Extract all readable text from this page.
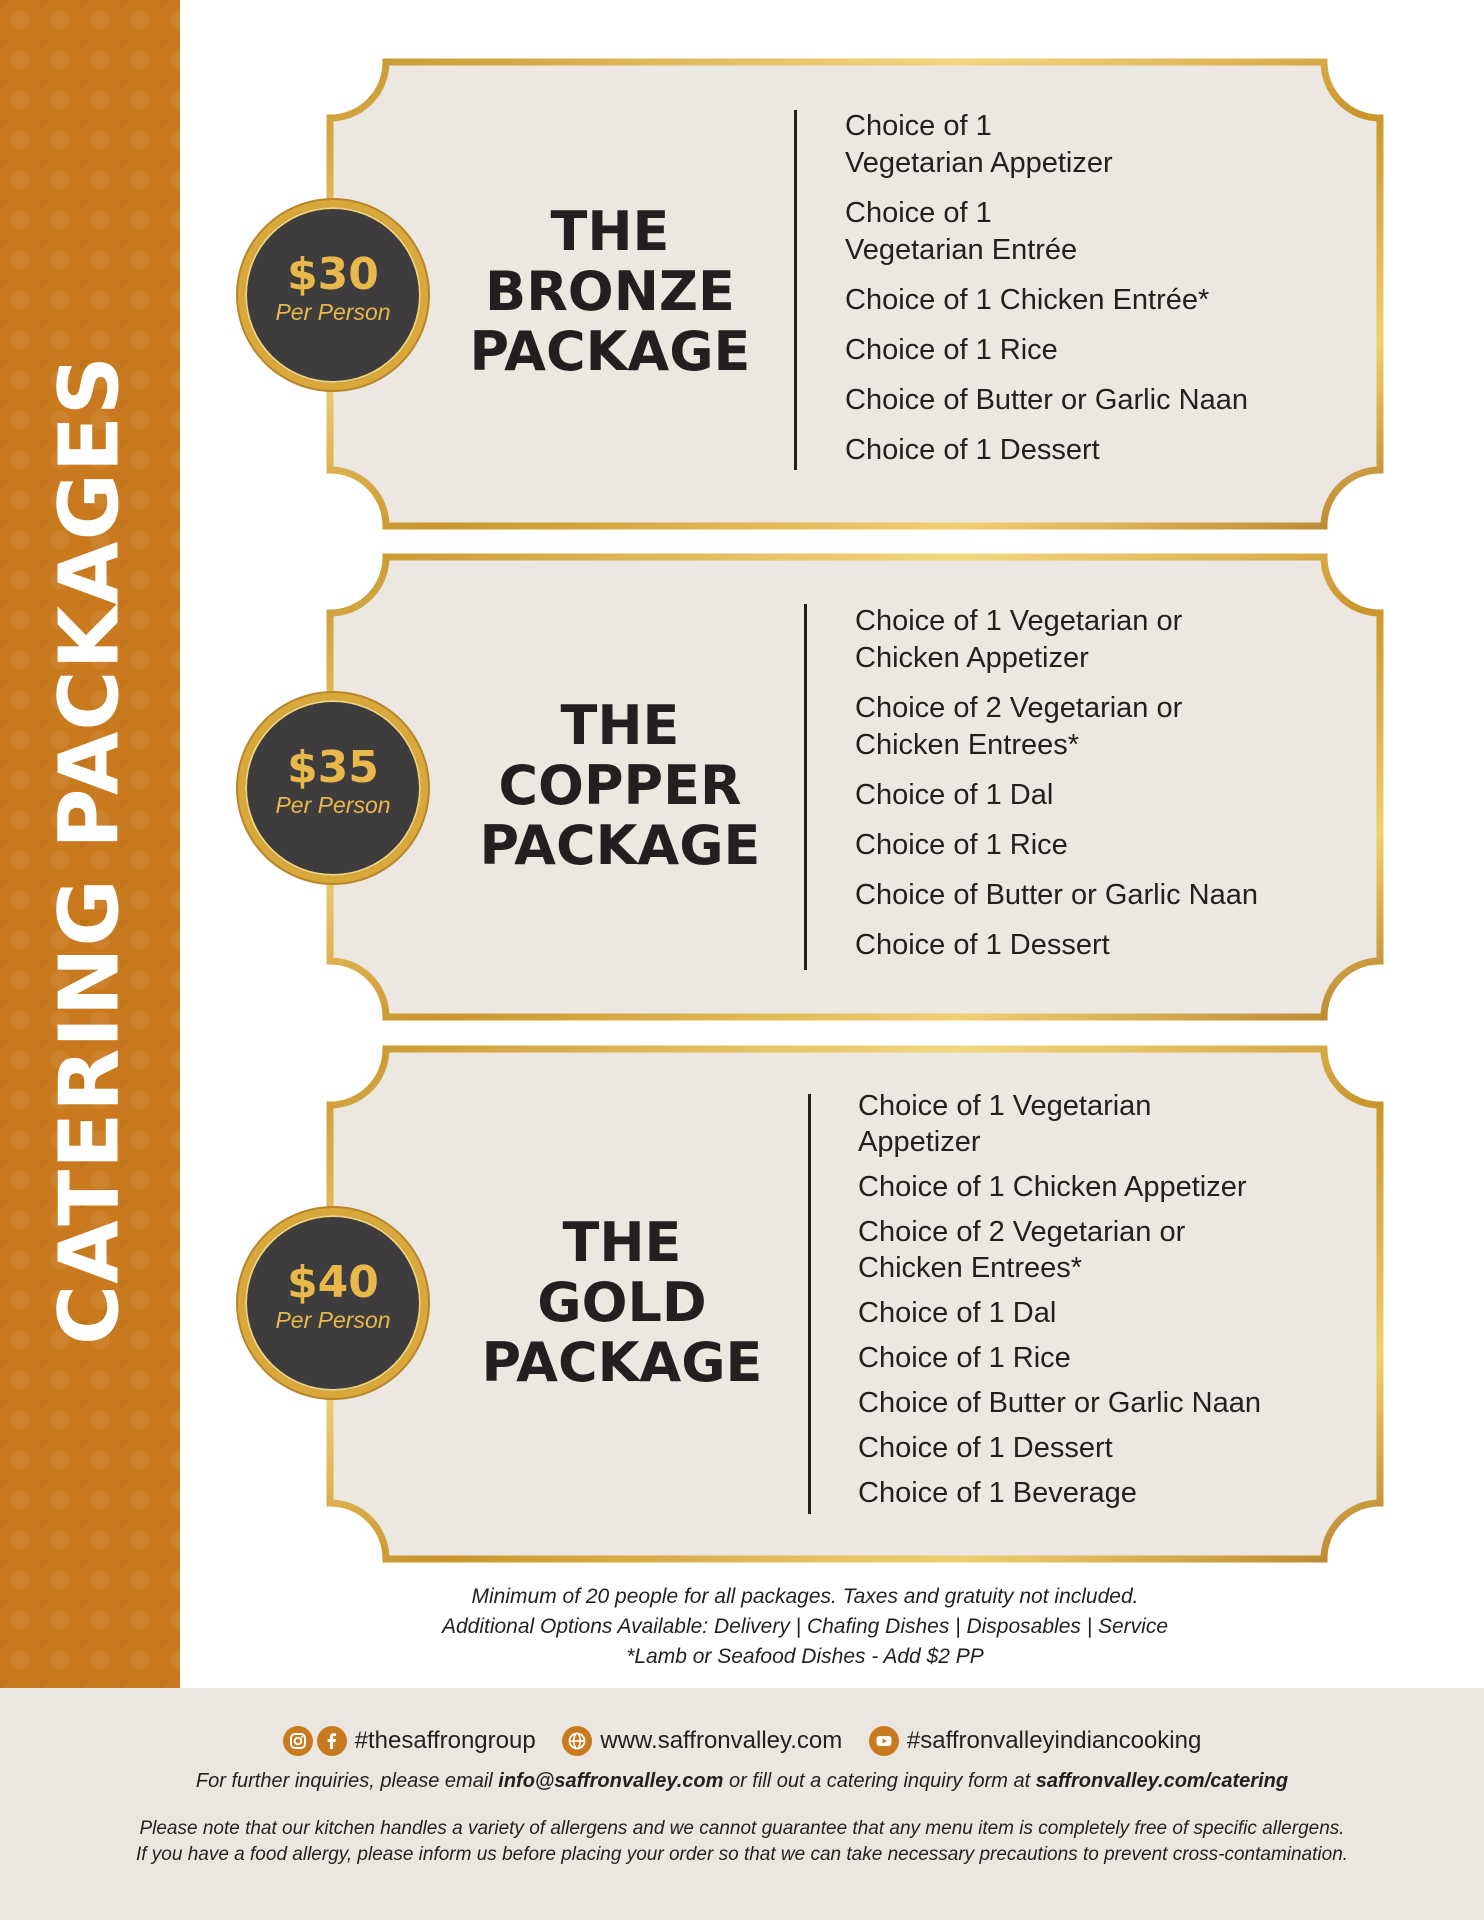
CATERING PACKAGES
THE
BRONZE
PACKAGE
Choice of 1
Vegetarian Appetizer
Choice of 1
Vegetarian Entrée
Choice of 1 Chicken Entrée*
Choice of 1 Rice
Choice of Butter or Garlic Naan
Choice of 1 Dessert
$30
Per Person
THE
COPPER
PACKAGE
Choice of 1 Vegetarian or
Chicken Appetizer
Choice of 2 Vegetarian or
Chicken Entrees*
Choice of 1 Dal
Choice of 1 Rice
Choice of Butter or Garlic Naan
Choice of 1 Dessert
$35
Per Person
THE
GOLD
PACKAGE
Choice of 1 Vegetarian
Appetizer
Choice of 1 Chicken Appetizer
Choice of 2 Vegetarian or
Chicken Entrees*
Choice of 1 Dal
Choice of 1 Rice
Choice of Butter or Garlic Naan
Choice of 1 Dessert
Choice of 1 Beverage
$40
Per Person
Minimum of 20 people for all packages. Taxes and gratuity not included.
Additional Options Available: Delivery | Chafing Dishes | Disposables | Service
*Lamb or Seafood Dishes - Add $2 PP
#thesaffrongroup	www.saffronvalley.com	#saffronvalleyindiancooking
For further inquiries, please email info@saffronvalley.com or fill out a catering inquiry form at saffronvalley.com/catering
Please note that our kitchen handles a variety of allergens and we cannot guarantee that any menu item is completely free of specific allergens.
If you have a food allergy, please inform us before placing your order so that we can take necessary precautions to prevent cross-contamination.
